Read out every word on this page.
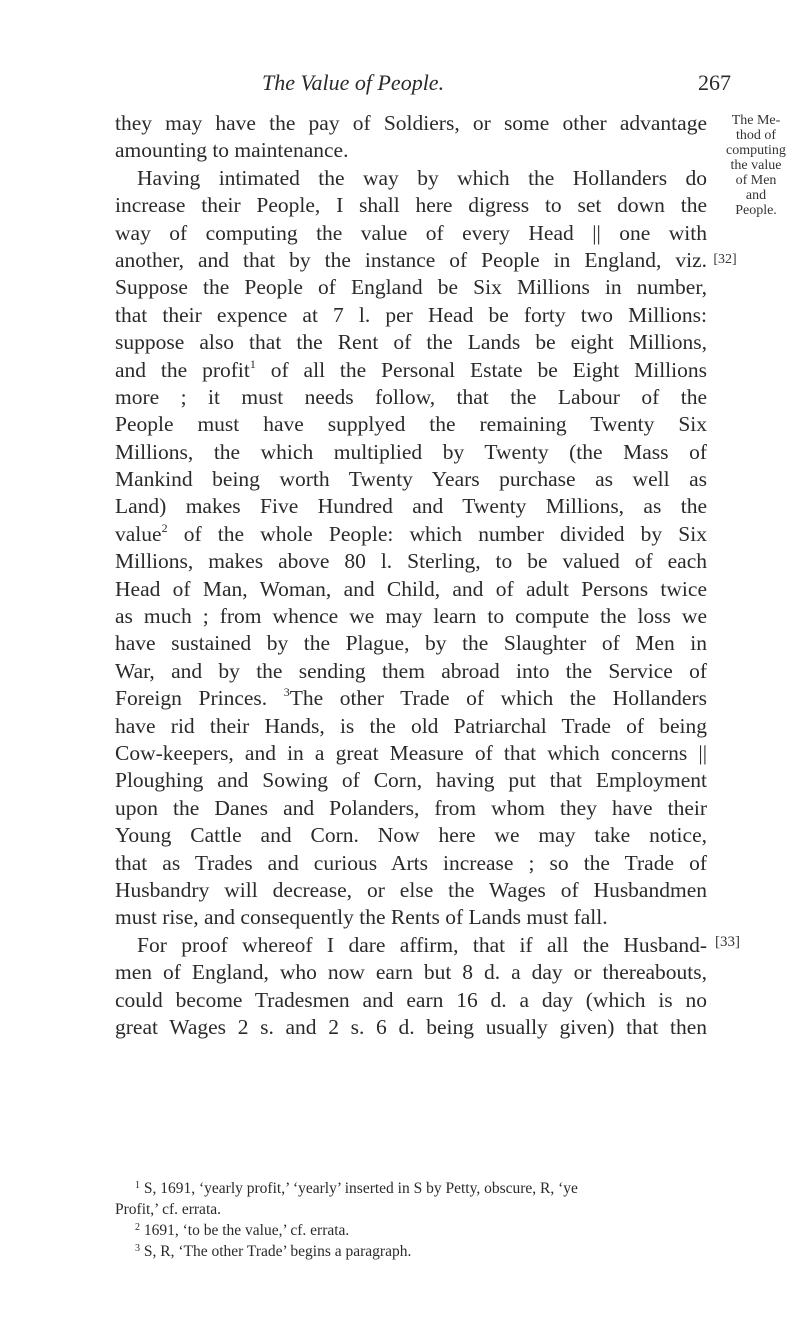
The Value of People.	267
The Me-
thod of
computing
the value
of Men
and
People.
[32]
[33]
they may have the pay of Soldiers, or some other advantage
amounting to maintenance.
Having intimated the way by which the Hollanders do
increase their People, I shall here digress to set down the
way of computing the value of every Head || one with
another, and that by the instance of People in England, viz.
Suppose the People of England be Six Millions in number,
that their expence at 7 l. per Head be forty two Millions:
suppose also that the Rent of the Lands be eight Millions,
and the profit$^1$ of all the Personal Estate be Eight Millions
more ; it must needs follow, that the Labour of the
People must have supplyed the remaining Twenty Six
Millions, the which multiplied by Twenty (the Mass of
Mankind being worth Twenty Years purchase as well as
Land) makes Five Hundred and Twenty Millions, as the
value$^2$ of the whole People: which number divided by Six
Millions, makes above 80 l. Sterling, to be valued of each
Head of Man, Woman, and Child, and of adult Persons twice
as much ; from whence we may learn to compute the loss we
have sustained by the Plague, by the Slaughter of Men in
War, and by the sending them abroad into the Service of
Foreign Princes. $^3$The other Trade of which the Hollanders
have rid their Hands, is the old Patriarchal Trade of being
Cow-keepers, and in a great Measure of that which concerns ||
Ploughing and Sowing of Corn, having put that Employment
upon the Danes and Polanders, from whom they have their
Young Cattle and Corn. Now here we may take notice,
that as Trades and curious Arts increase ; so the Trade of
Husbandry will decrease, or else the Wages of Husbandmen
must rise, and consequently the Rents of Lands must fall.
For proof whereof I dare affirm, that if all the Husband-
men of England, who now earn but 8 d. a day or thereabouts,
could become Tradesmen and earn 16 d. a day (which is no
great Wages 2 s. and 2 s. 6 d. being usually given) that then
$^1$ S, 1691, ‘yearly profit,’ ‘yearly’ inserted in S by Petty, obscure, R, ‘ye
Profit,’ cf. errata.
$^2$ 1691, ‘to be the value,’ cf. errata.
$^3$ S, R, ‘The other Trade’ begins a paragraph.
